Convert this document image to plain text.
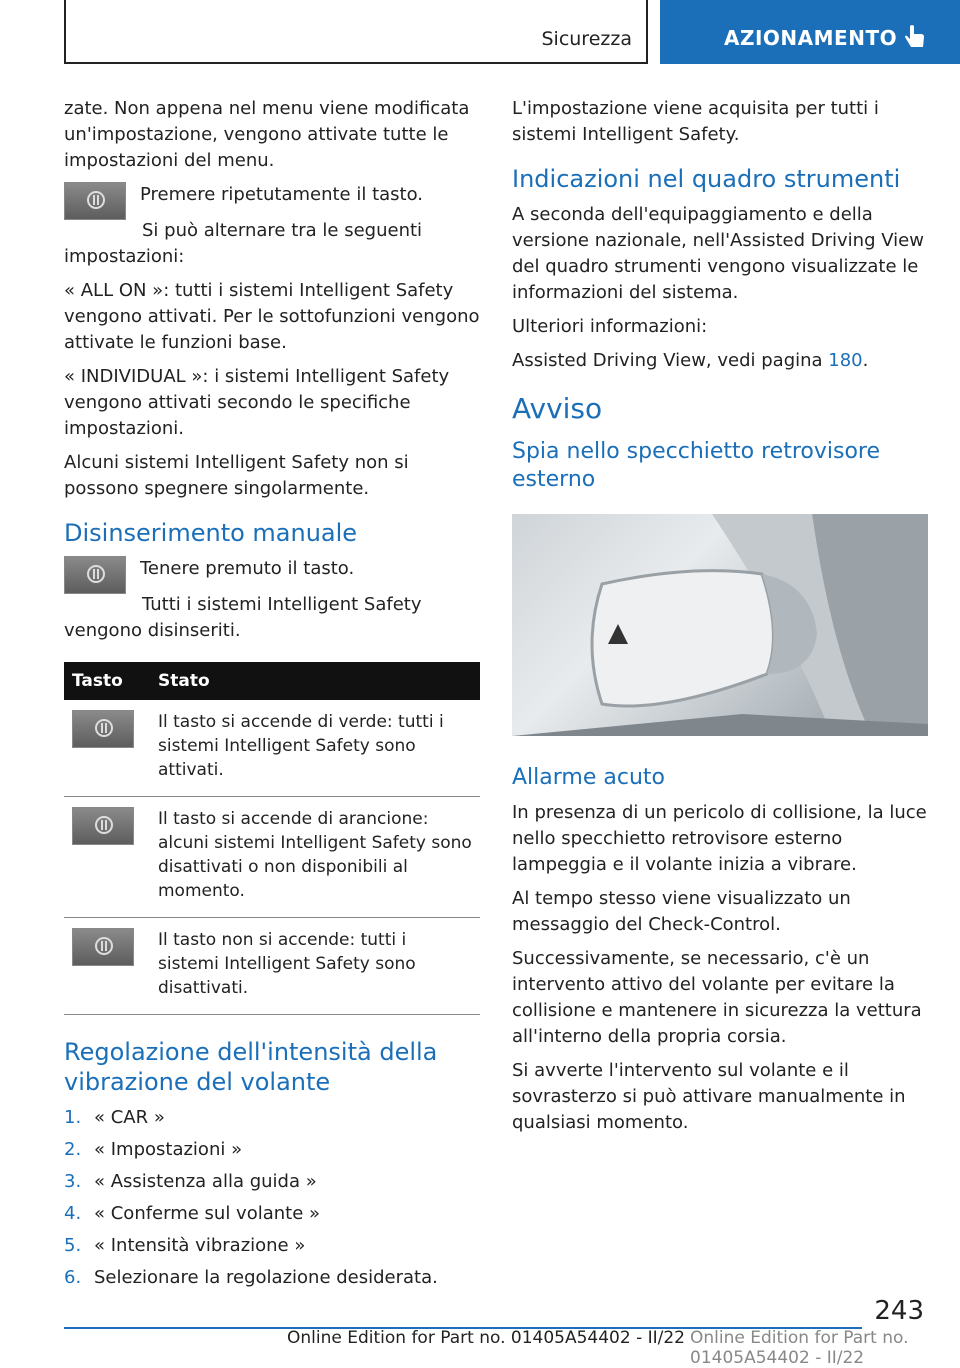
Sicurezza	AZIONAMENTO

zate. Non appena nel menu viene modificata un'impostazione, vengono attivate tutte le impostazioni del menu.

Premere ripetutamente il tasto.

Si può alternare tra le seguenti impostazioni:

« ALL ON »: tutti i sistemi Intelligent Safety vengono attivati. Per le sottofunzioni vengono attivate le funzioni base.

« INDIVIDUAL »: i sistemi Intelligent Safety vengono attivati secondo le specifiche impostazioni.

Alcuni sistemi Intelligent Safety non si possono spegnere singolarmente.

Disinserimento manuale

Tenere premuto il tasto.

Tutti i sistemi Intelligent Safety vengono disinseriti.

Tasto	Stato

	Il tasto si accende di verde: tutti i sistemi Intelligent Safety sono attivati.

	Il tasto si accende di arancione: alcuni sistemi Intelligent Safety sono disattivati o non disponibili al momento.

	Il tasto non si accende: tutti i sistemi Intelligent Safety sono disattivati.
Regolazione dell'intensità della vibrazione del volante
1. « CAR »
2. « Impostazioni »
3. « Assistenza alla guida »
4. « Conferme sul volante »
5. « Intensità vibrazione »
6. Selezionare la regolazione desiderata.

L'impostazione viene acquisita per tutti i sistemi Intelligent Safety.

Indicazioni nel quadro strumenti

A seconda dell'equipaggiamento e della versione nazionale, nell'Assisted Driving View del quadro strumenti vengono visualizzate le informazioni del sistema.

Ulteriori informazioni:

Assisted Driving View, vedi pagina 180.

Avviso
Spia nello specchietto retrovisore esterno
Allarme acuto

In presenza di un pericolo di collisione, la luce nello specchietto retrovisore esterno lampeggia e il volante inizia a vibrare.

Al tempo stesso viene visualizzato un messaggio del Check-Control.

Successivamente, se necessario, c'è un intervento attivo del volante per evitare la collisione e mantenere in sicurezza la vettura all'interno della propria corsia.

Si avverte l'intervento sul volante e il sovrasterzo si può attivare manualmente in qualsiasi momento.

243
Online Edition for Part no. 01405A54402 - II/22 Online Edition for Part no. 01405A54402 - II/22
